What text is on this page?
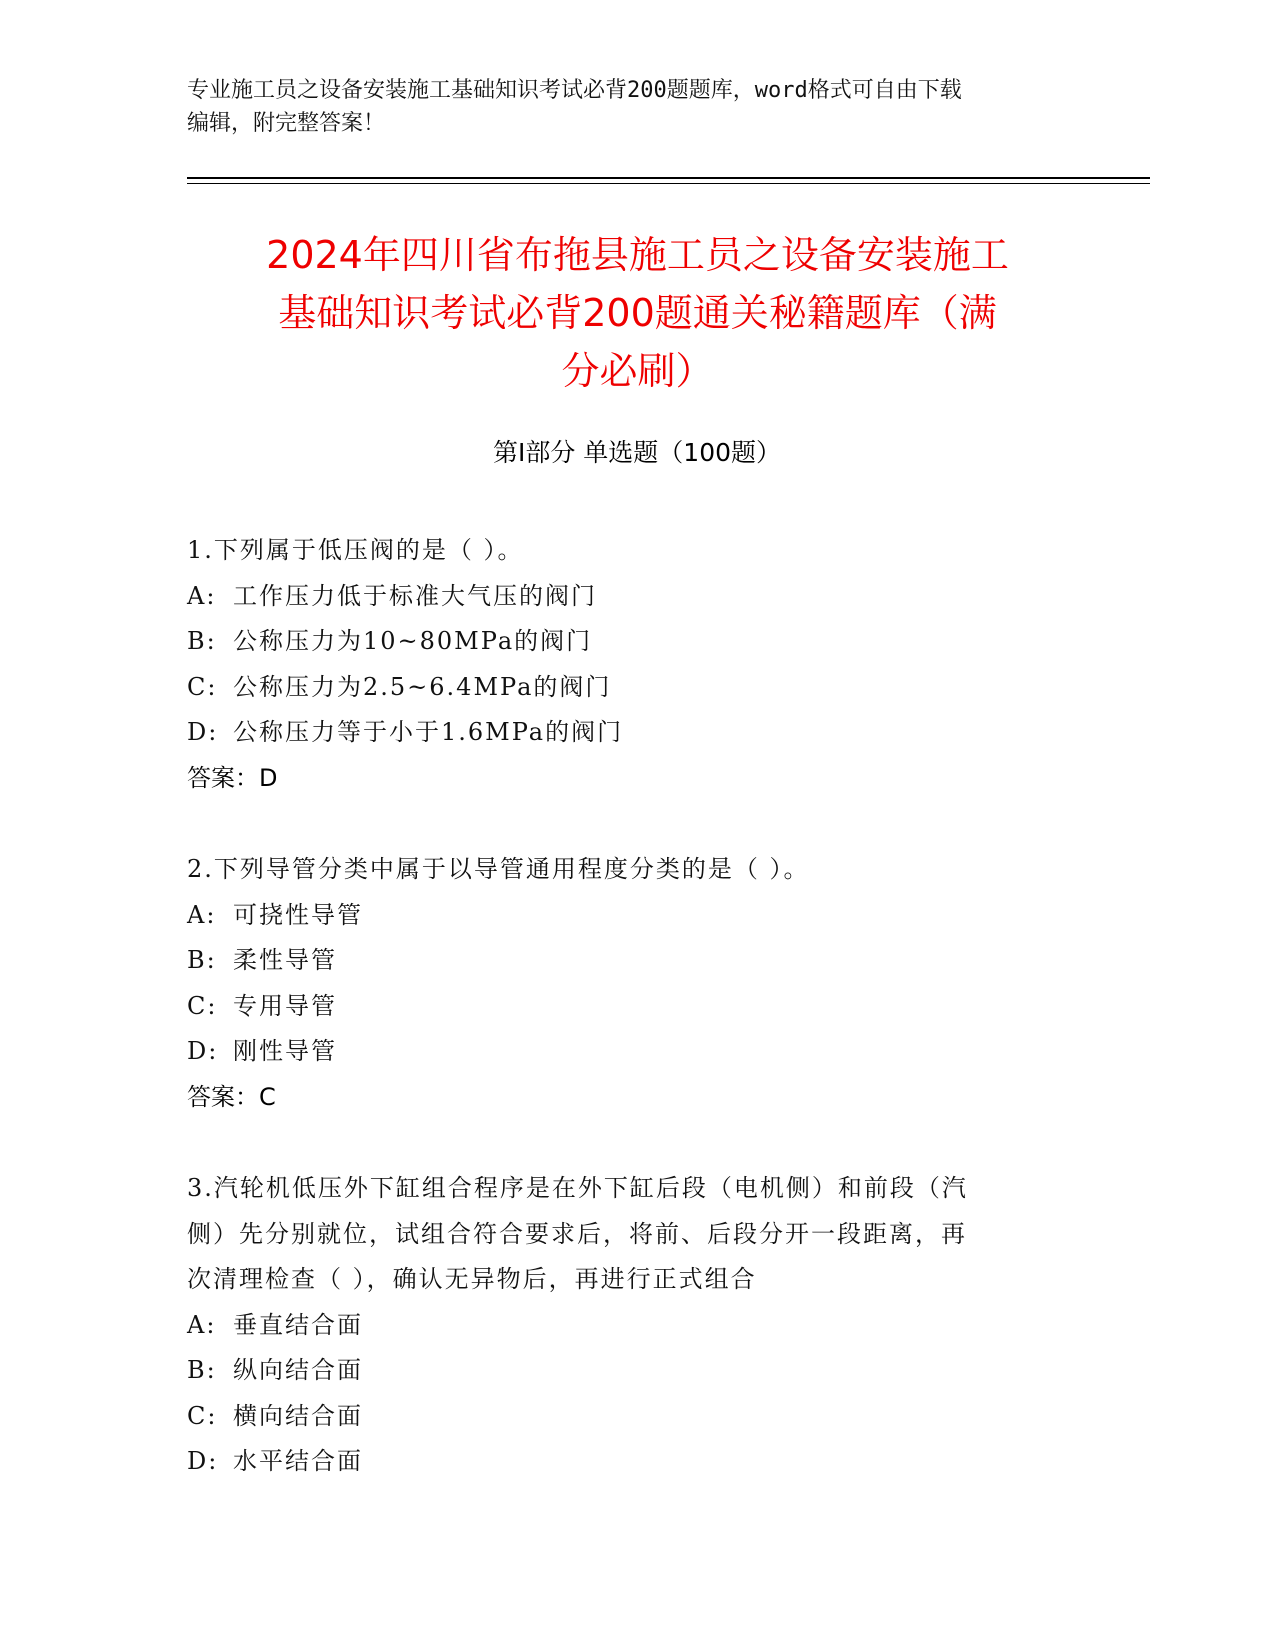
专业施工员之设备安装施工基础知识考试必背200题题库，word格式可自由下载
编辑，附完整答案！
2024年四川省布拖县施工员之设备安装施工
基础知识考试必背200题通关秘籍题库（满
分必刷）
第Ⅰ部分 单选题（100题）
1.下列属于低压阀的是（ ）。
A: 工作压力低于标准大气压的阀门
B: 公称压力为10~80MPa的阀门
C: 公称压力为2.5~6.4MPa的阀门
D: 公称压力等于小于1.6MPa的阀门
答案：D
2.下列导管分类中属于以导管通用程度分类的是（ ）。
A: 可挠性导管
B: 柔性导管
C: 专用导管
D: 刚性导管
答案：C
3.汽轮机低压外下缸组合程序是在外下缸后段（电机侧）和前段（汽
侧）先分别就位，试组合符合要求后，将前、后段分开一段距离，再
次清理检查（ ），确认无异物后，再进行正式组合
A: 垂直结合面
B: 纵向结合面
C: 横向结合面
D: 水平结合面
